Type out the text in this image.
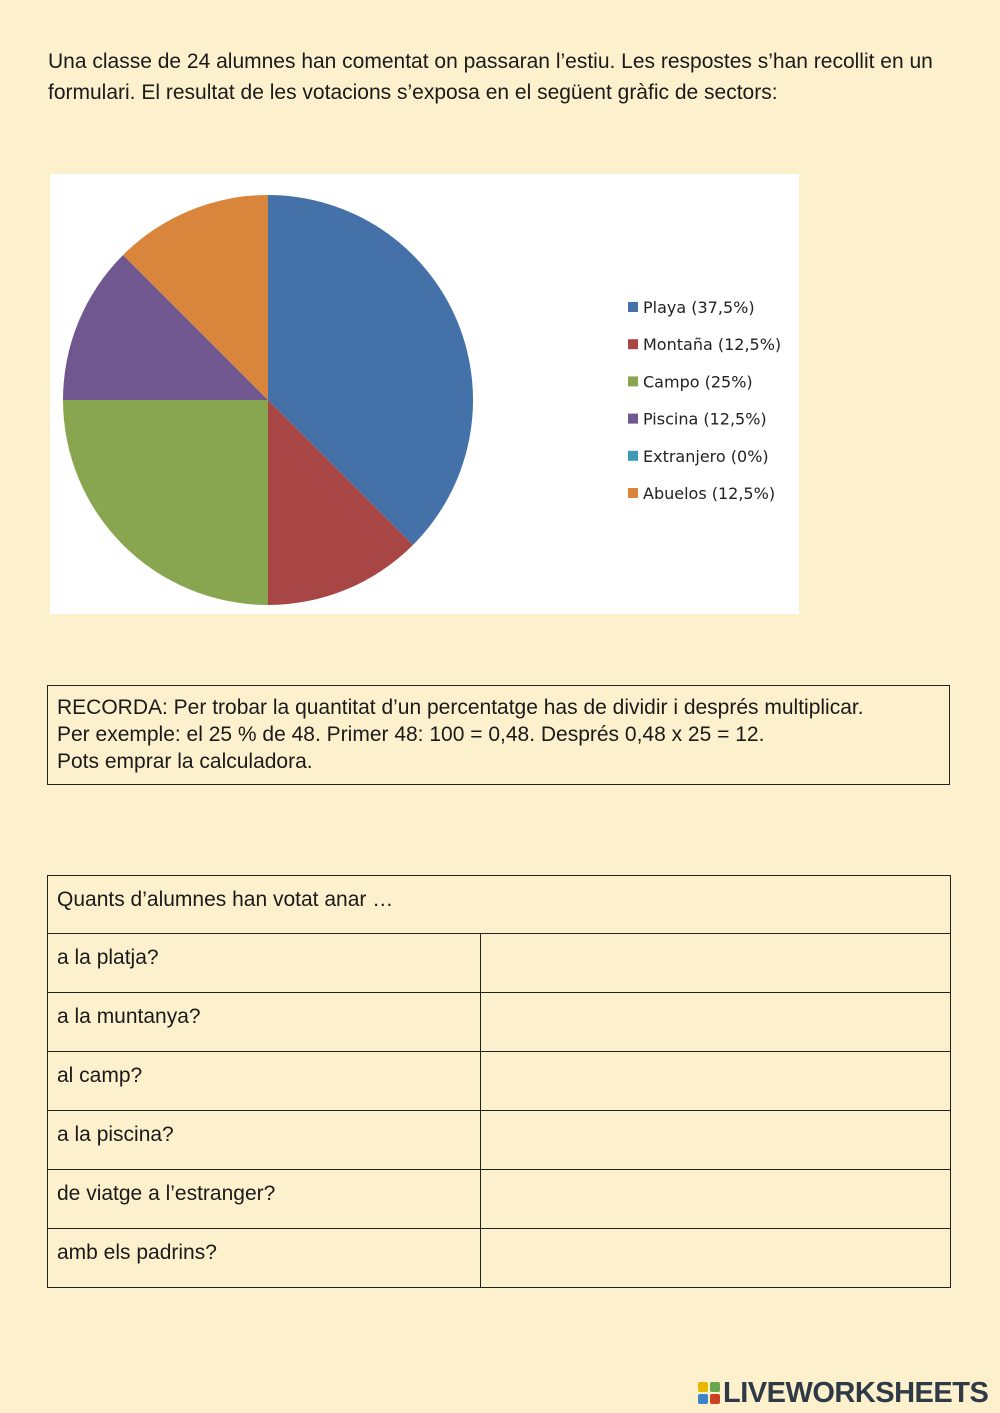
Una classe de 24 alumnes han comentat on passaran l’estiu. Les respostes s’han recollit en un formulari. El resultat de les votacions s’exposa en el següent gràfic de sectors:

Playa (37,5%)
Montaña (12,5%)
Campo (25%)
Piscina (12,5%)
Extranjero (0%)
Abuelos (12,5%)

RECORDA: Per trobar la quantitat d’un percentatge has de dividir i després multiplicar.

Per exemple: el 25 % de 48. Primer 48: 100 = 0,48. Després 0,48 x 25 = 12.

Pots emprar la calculadora.

Quants d’alumnes han votat anar …	
a la platja?	
a la muntanya?	
al camp?	
a la piscina?	
de viatge a l’estranger?	
amb els padrins?	
LIVEWORKSHEETS
